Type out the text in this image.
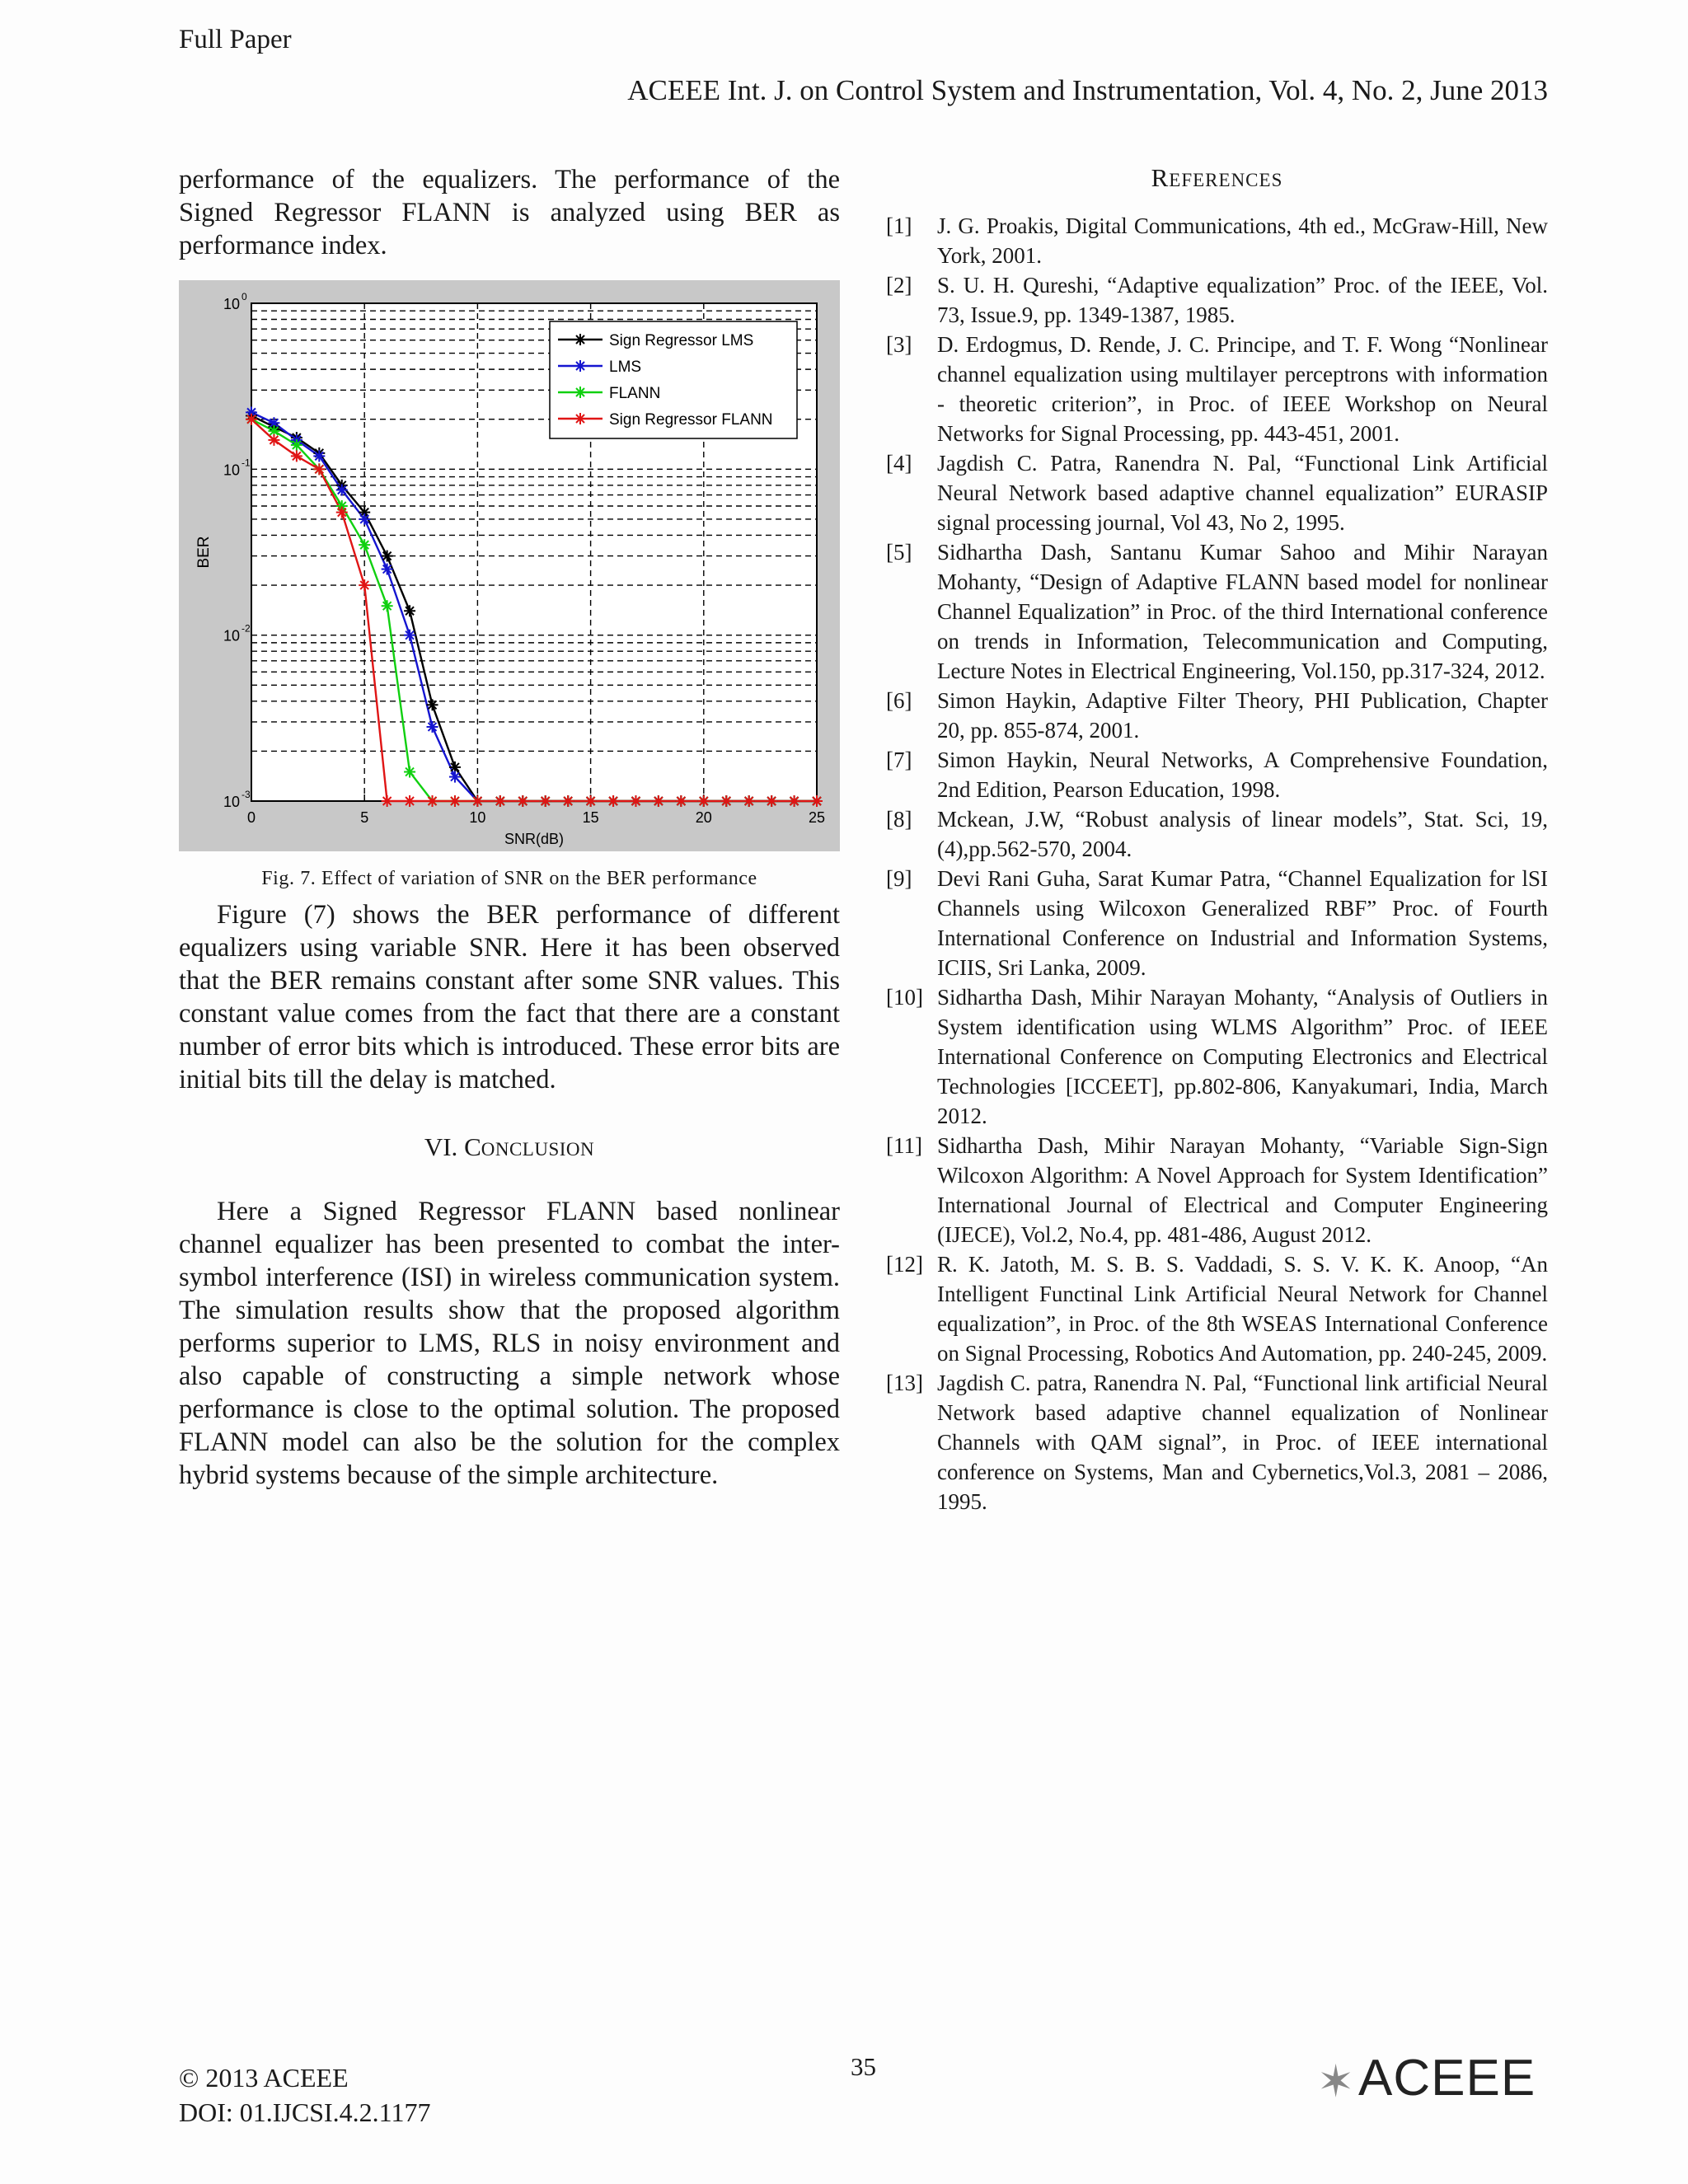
Full Paper
ACEEE Int. J. on Control System and Instrumentation, Vol. 4, No. 2, June 2013

performance of the equalizers. The performance of the Signed Regressor FLANN is analyzed using BER as performance index.

0	5	10	15	20	25
10 0
10 -1
10 -2
10 -3
SNR(dB)
BER
Sign Regressor LMS
LMS
FLANN
Sign Regressor FLANN
Fig. 7. Effect of variation of SNR on the BER performance

Figure (7) shows the BER performance of different equalizers using variable SNR. Here it has been observed that the BER remains constant after some SNR values. This constant value comes from the fact that there are a constant number of error bits which is introduced. These error bits are initial bits till the delay is matched.

VI. CONCLUSION

Here a Signed Regressor FLANN based nonlinear channel equalizer has been presented to combat the inter-symbol interference (ISI) in wireless communication system. The simulation results show that the proposed algorithm performs superior to LMS, RLS in noisy environment and also capable of constructing a simple network whose performance is close to the optimal solution. The proposed FLANN model can also be the solution for the complex hybrid systems because of the simple architecture.

REFERENCES
[1]	J. G. Proakis, Digital Communications, 4th ed., McGraw-Hill, New York, 2001.
[2]	S. U. H. Qureshi, “Adaptive equalization” Proc. of the IEEE, Vol. 73, Issue.9, pp. 1349-1387, 1985.
[3]	D. Erdogmus, D. Rende, J. C. Principe, and T. F. Wong “Nonlinear channel equalization using multilayer perceptrons with information - theoretic criterion”, in Proc. of IEEE Workshop on Neural Networks for Signal Processing, pp. 443-451, 2001.
[4]	Jagdish C. Patra, Ranendra N. Pal, “Functional Link Artificial Neural Network based adaptive channel equalization” EURASIP signal processing journal, Vol 43, No 2, 1995.
[5]	Sidhartha Dash, Santanu Kumar Sahoo and Mihir Narayan Mohanty, “Design of Adaptive FLANN based model for nonlinear Channel Equalization” in Proc. of the third International conference on trends in Information, Telecommunication and Computing, Lecture Notes in Electrical Engineering, Vol.150, pp.317-324, 2012.
[6]	Simon Haykin, Adaptive Filter Theory, PHI Publication, Chapter 20, pp. 855-874, 2001.
[7]	Simon Haykin, Neural Networks, A Comprehensive Foundation, 2nd Edition, Pearson Education, 1998.
[8]	Mckean, J.W, “Robust analysis of linear models”, Stat. Sci, 19, (4),pp.562-570, 2004.
[9]	Devi Rani Guha, Sarat Kumar Patra, “Channel Equalization for lSI Channels using Wilcoxon Generalized RBF” Proc. of Fourth International Conference on Industrial and Information Systems, ICIIS, Sri Lanka, 2009.
[10] Sidhartha Dash, Mihir Narayan Mohanty, “Analysis of Outliers in System identification using WLMS Algorithm” Proc. of IEEE International Conference on Computing Electronics and Electrical Technologies [ICCEET], pp.802-806, Kanyakumari, India, March 2012.
[11] Sidhartha Dash, Mihir Narayan Mohanty, “Variable Sign-Sign Wilcoxon Algorithm: A Novel Approach for System Identification” International Journal of Electrical and Computer Engineering (IJECE), Vol.2, No.4, pp. 481-486, August 2012.
[12] R. K. Jatoth, M. S. B. S. Vaddadi, S. S. V. K. K. Anoop, “An Intelligent Functinal Link Artificial Neural Network for Channel equalization”, in Proc. of the 8th WSEAS International Conference on Signal Processing, Robotics And Automation, pp. 240-245, 2009.
[13] Jagdish C. patra, Ranendra N. Pal, “Functional link artificial Neural Network based adaptive channel equalization of Nonlinear Channels with QAM signal”, in Proc. of IEEE international conference on Systems, Man and Cybernetics,Vol.3, 2081 – 2086, 1995.
© 2013 ACEEE
DOI: 01.IJCSI.4.2.1177
35	✶ ACEEE
